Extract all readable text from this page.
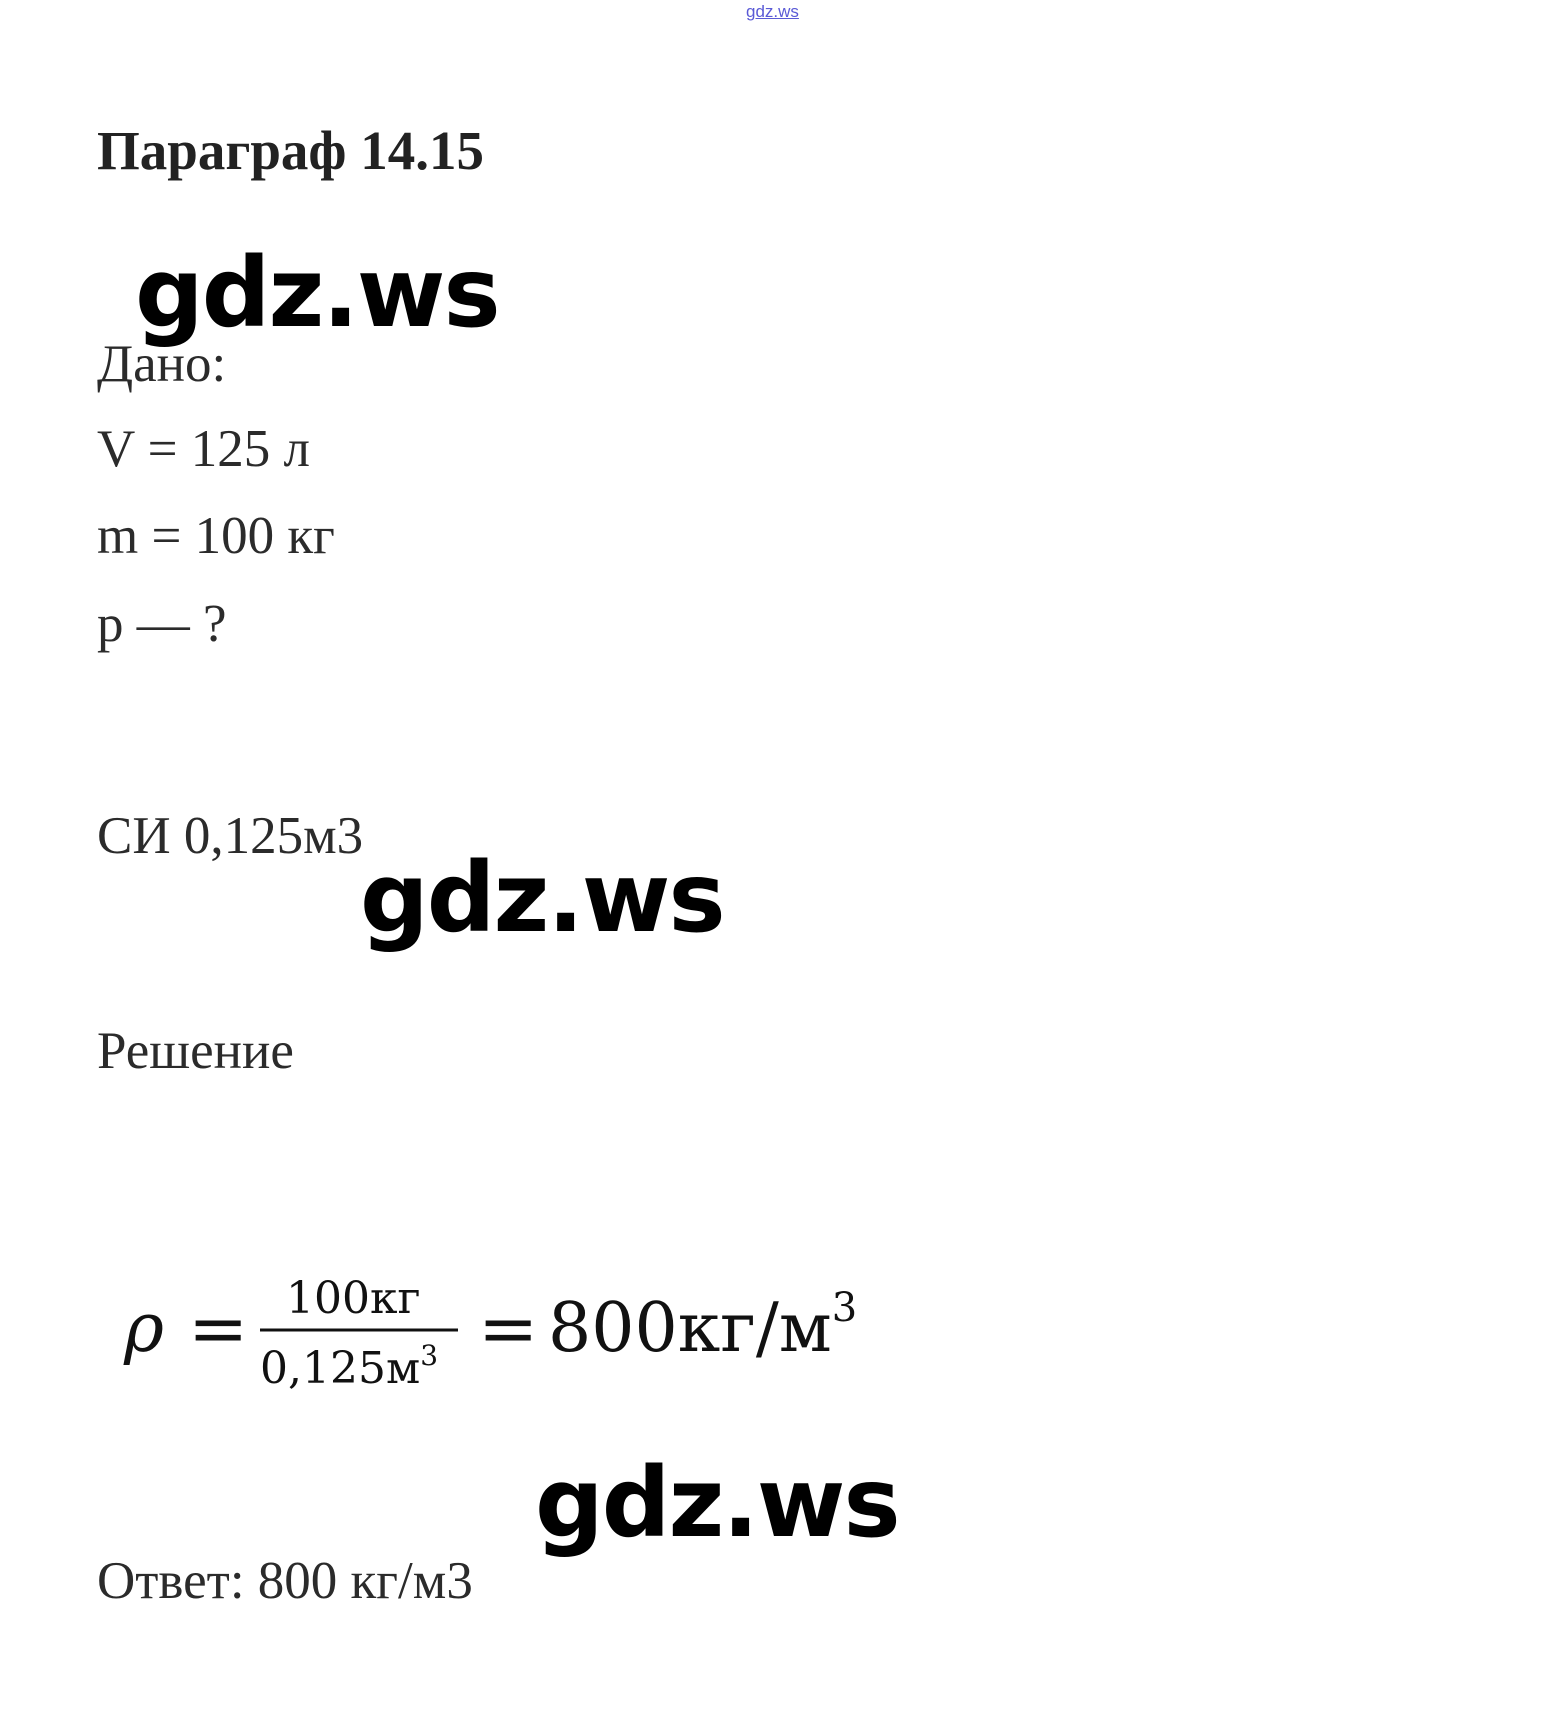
gdz.ws
Параграф 14.15
gdz.ws
Дано:
V = 125 л
m = 100 кг
p — ?
СИ 0,125м3
gdz.ws
Решение
ρ = 100кг
$0,125м^3 = 800кг/м^3$
gdz.ws
Ответ: 800 кг/м3
